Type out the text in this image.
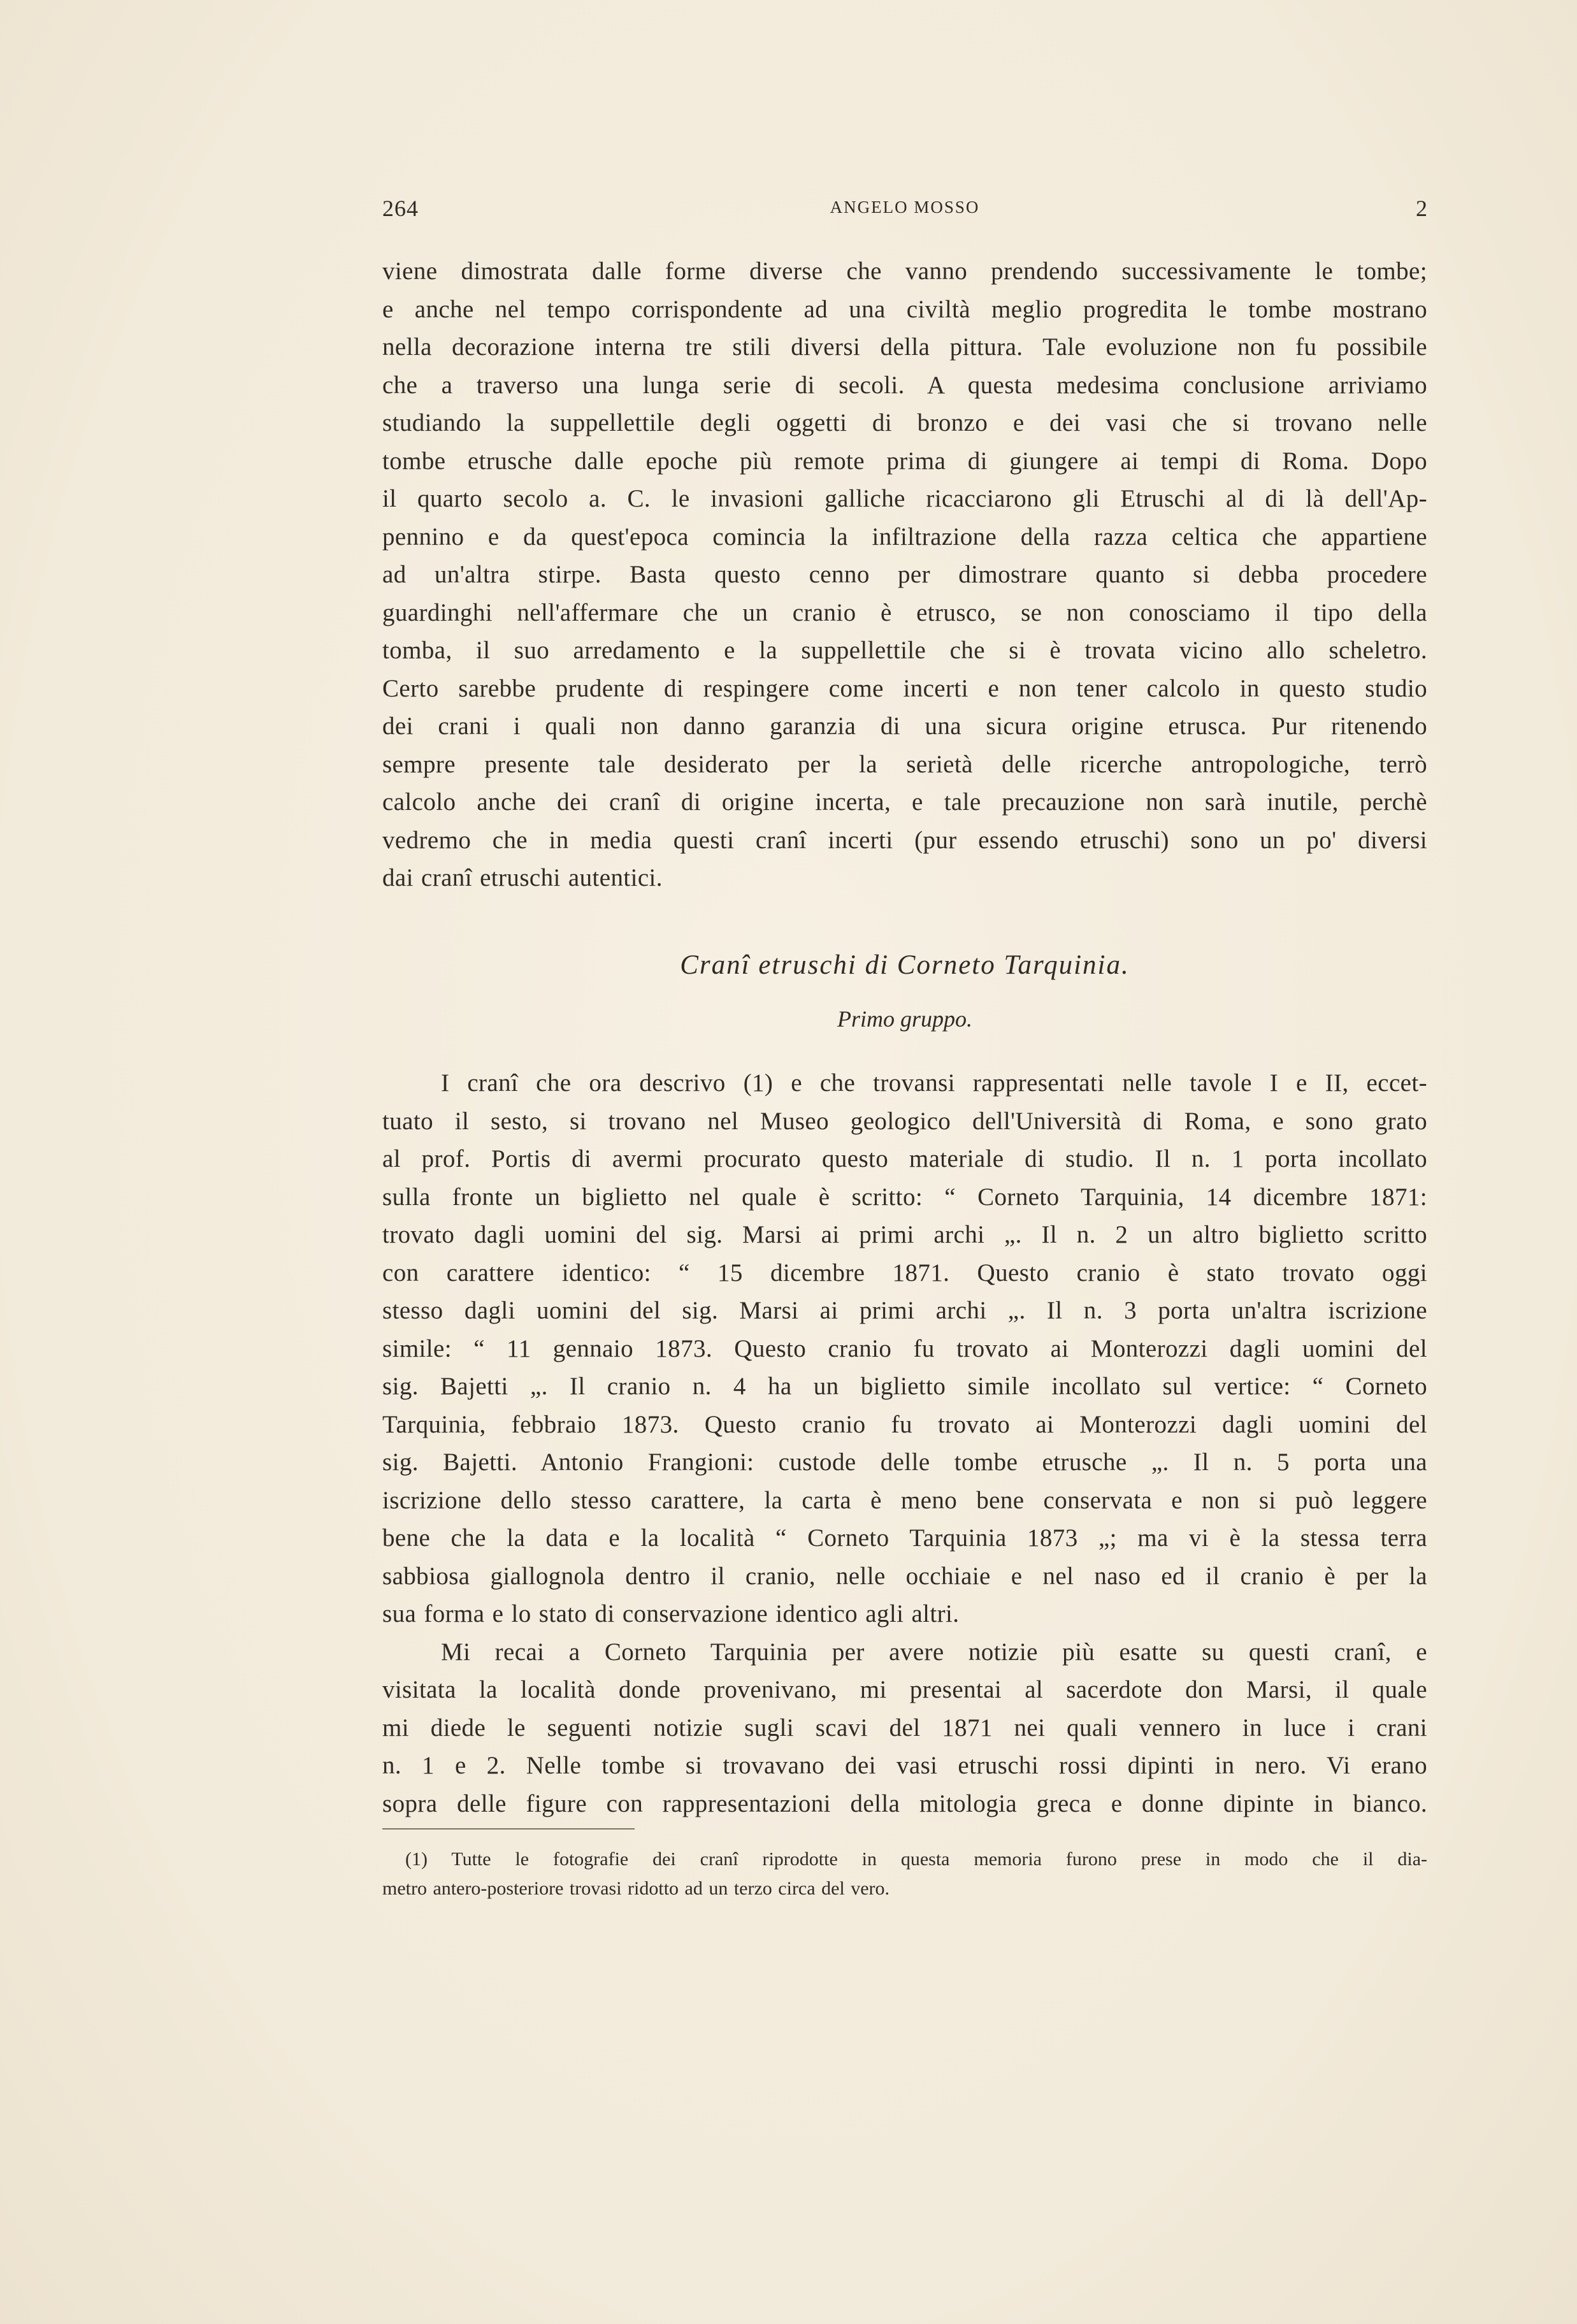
264	ANGELO MOSSO	2
viene dimostrata dalle forme diverse che vanno prendendo successivamente le tombe;
e anche nel tempo corrispondente ad una civiltà meglio progredita le tombe mostrano
nella decorazione interna tre stili diversi della pittura. Tale evoluzione non fu possibile
che a traverso una lunga serie di secoli. A questa medesima conclusione arriviamo
studiando la suppellettile degli oggetti di bronzo e dei vasi che si trovano nelle
tombe etrusche dalle epoche più remote prima di giungere ai tempi di Roma. Dopo
il quarto secolo a. C. le invasioni galliche ricacciarono gli Etruschi al di là dell'Ap-
pennino e da quest'epoca comincia la infiltrazione della razza celtica che appartiene
ad un'altra stirpe. Basta questo cenno per dimostrare quanto si debba procedere
guardinghi nell'affermare che un cranio è etrusco, se non conosciamo il tipo della
tomba, il suo arredamento e la suppellettile che si è trovata vicino allo scheletro.
Certo sarebbe prudente di respingere come incerti e non tener calcolo in questo studio
dei crani i quali non danno garanzia di una sicura origine etrusca. Pur ritenendo
sempre presente tale desiderato per la serietà delle ricerche antropologiche, terrò
calcolo anche dei cranî di origine incerta, e tale precauzione non sarà inutile, perchè
vedremo che in media questi cranî incerti (pur essendo etruschi) sono un po' diversi
dai cranî etruschi autentici.
Cranî etruschi di Corneto Tarquinia.
Primo gruppo.
I cranî che ora descrivo (1) e che trovansi rappresentati nelle tavole I e II, eccet-
tuato il sesto, si trovano nel Museo geologico dell'Università di Roma, e sono grato
al prof. Portis di avermi procurato questo materiale di studio. Il n. 1 porta incollato
sulla fronte un biglietto nel quale è scritto: “ Corneto Tarquinia, 14 dicembre 1871:
trovato dagli uomini del sig. Marsi ai primi archi „. Il n. 2 un altro biglietto scritto
con carattere identico: “ 15 dicembre 1871. Questo cranio è stato trovato oggi
stesso dagli uomini del sig. Marsi ai primi archi „. Il n. 3 porta un'altra iscrizione
simile: “ 11 gennaio 1873. Questo cranio fu trovato ai Monterozzi dagli uomini del
sig. Bajetti „. Il cranio n. 4 ha un biglietto simile incollato sul vertice: “ Corneto
Tarquinia, febbraio 1873. Questo cranio fu trovato ai Monterozzi dagli uomini del
sig. Bajetti. Antonio Frangioni: custode delle tombe etrusche „. Il n. 5 porta una
iscrizione dello stesso carattere, la carta è meno bene conservata e non si può leggere
bene che la data e la località “ Corneto Tarquinia 1873 „; ma vi è la stessa terra
sabbiosa giallognola dentro il cranio, nelle occhiaie e nel naso ed il cranio è per la
sua forma e lo stato di conservazione identico agli altri.
Mi recai a Corneto Tarquinia per avere notizie più esatte su questi cranî, e
visitata la località donde provenivano, mi presentai al sacerdote don Marsi, il quale
mi diede le seguenti notizie sugli scavi del 1871 nei quali vennero in luce i crani
n. 1 e 2. Nelle tombe si trovavano dei vasi etruschi rossi dipinti in nero. Vi erano
sopra delle figure con rappresentazioni della mitologia greca e donne dipinte in bianco.
(1) Tutte le fotografie dei cranî riprodotte in questa memoria furono prese in modo che il dia-
metro antero-posteriore trovasi ridotto ad un terzo circa del vero.
